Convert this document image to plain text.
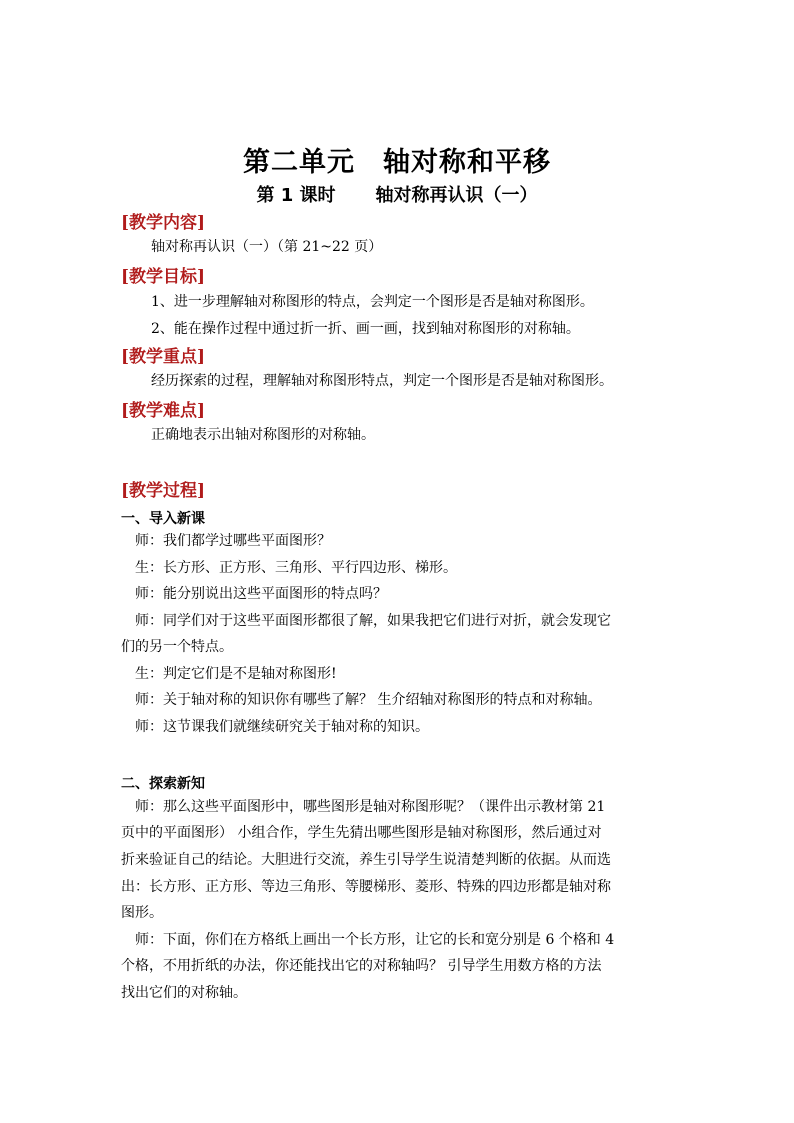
第二单元　轴对称和平移
第 1 课时 轴对称再认识（一）
[教学内容]
轴对称再认识（一）（第 21~22 页）
[教学目标]
1、进一步理解轴对称图形的特点，会判定一个图形是否是轴对称图形。
2、能在操作过程中通过折一折、画一画，找到轴对称图形的对称轴。
[教学重点]
经历探索的过程，理解轴对称图形特点，判定一个图形是否是轴对称图形。
[教学难点]
正确地表示出轴对称图形的对称轴。
[教学过程]
一、导入新课
师：我们都学过哪些平面图形？
生：长方形、正方形、三角形、平行四边形、梯形。
师：能分别说出这些平面图形的特点吗？
师：同学们对于这些平面图形都很了解，如果我把它们进行对折，就会发现它
们的另一个特点。
生：判定它们是不是轴对称图形!
师：关于轴对称的知识你有哪些了解？ 生介绍轴对称图形的特点和对称轴。
师：这节课我们就继续研究关于轴对称的知识。
二、探索新知
师：那么这些平面图形中，哪些图形是轴对称图形呢？（课件出示教材第 21
页中的平面图形） 小组合作，学生先猜出哪些图形是轴对称图形，然后通过对
折来验证自己的结论。大胆进行交流，养生引导学生说清楚判断的依据。从而选
出：长方形、正方形、等边三角形、等腰梯形、菱形、特殊的四边形都是轴对称
图形。
师：下面，你们在方格纸上画出一个长方形，让它的长和宽分别是 6 个格和 4
个格，不用折纸的办法，你还能找出它的对称轴吗？ 引导学生用数方格的方法
找出它们的对称轴。
